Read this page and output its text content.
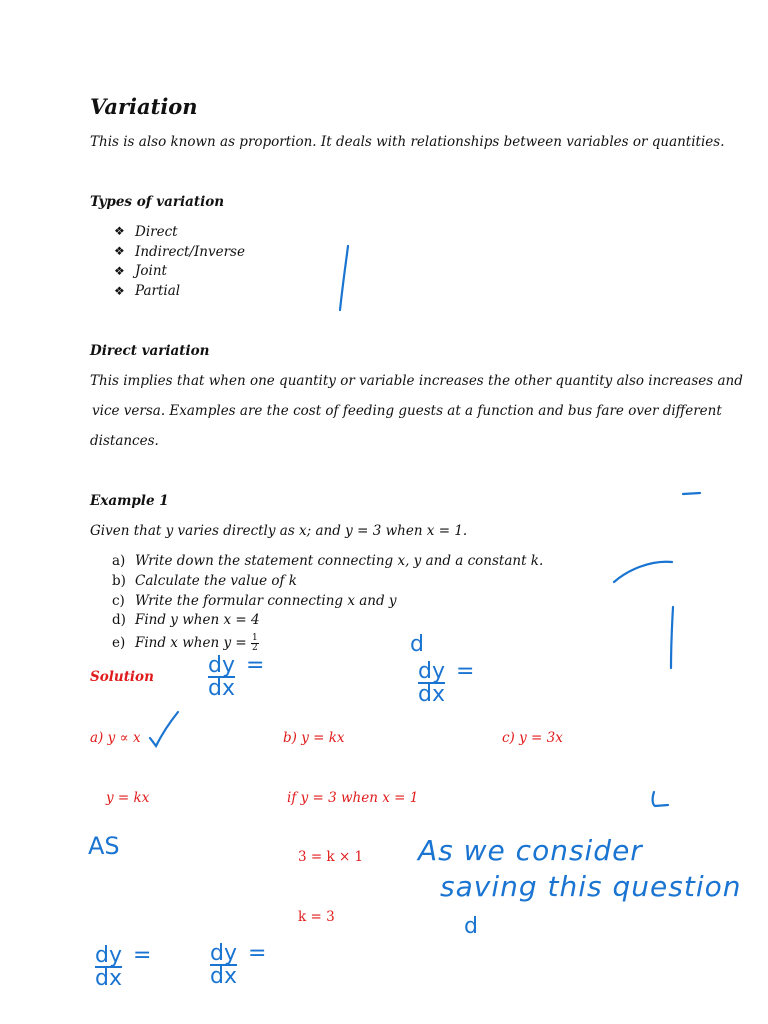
Variation
This is also known as proportion. It deals with relationships between variables or quantities.
Types of variation
❖ Direct
❖ Indirect/Inverse
❖ Joint
❖ Partial
Direct variation
This implies that when one quantity or variable increases the other quantity also increases and
vice versa. Examples are the cost of feeding guests at a function and bus fare over different
distances.
Example 1
Given that y varies directly as x; and y = 3 when x = 1.
a) Write down the statement connecting x, y and a constant k.
b) Calculate the value of k
c) Write the formular connecting x and y
d) Find y when x = 4
e) Find x when $y = \frac{1}{2}$
Solution
a) y ∝ x	b) y = kx	c) y = 3x
y = kx	if y = 3 when x = 1
3 = k × 1
k = 3
dy =
dx
d
dy =
dx
AS	As we consider
saving this question
d
dy =
dx
dy =
dx
